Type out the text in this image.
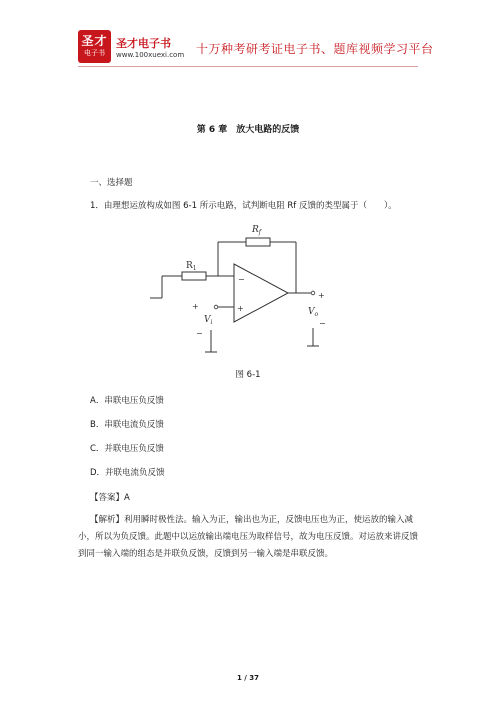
圣才
电子书
圣才电子书
www.100xuexi.com 十万种考研考证电子书、题库视频学习平台
第 6 章　放大电路的反馈
一、选择题
1．由理想运放构成如图 6-1 所示电路，试判断电阻 Rf 反馈的类型属于（　　）。
$R_f$
$R_1$
−
+
+
$V_i$
−
+
$V_o$
−
图 6-1
A．串联电压负反馈
B．串联电流负反馈
C．并联电压负反馈
D．并联电流负反馈
【答案】A
【解析】利用瞬时极性法。输入为正，输出也为正，反馈电压也为正，使运放的输入减小，所以为负反馈。此题中以运放输出端电压为取样信号，故为电压反馈。对运放来讲反馈到同一输入端的组态是并联负反馈，反馈到另一输入端是串联反馈。
1 / 37
